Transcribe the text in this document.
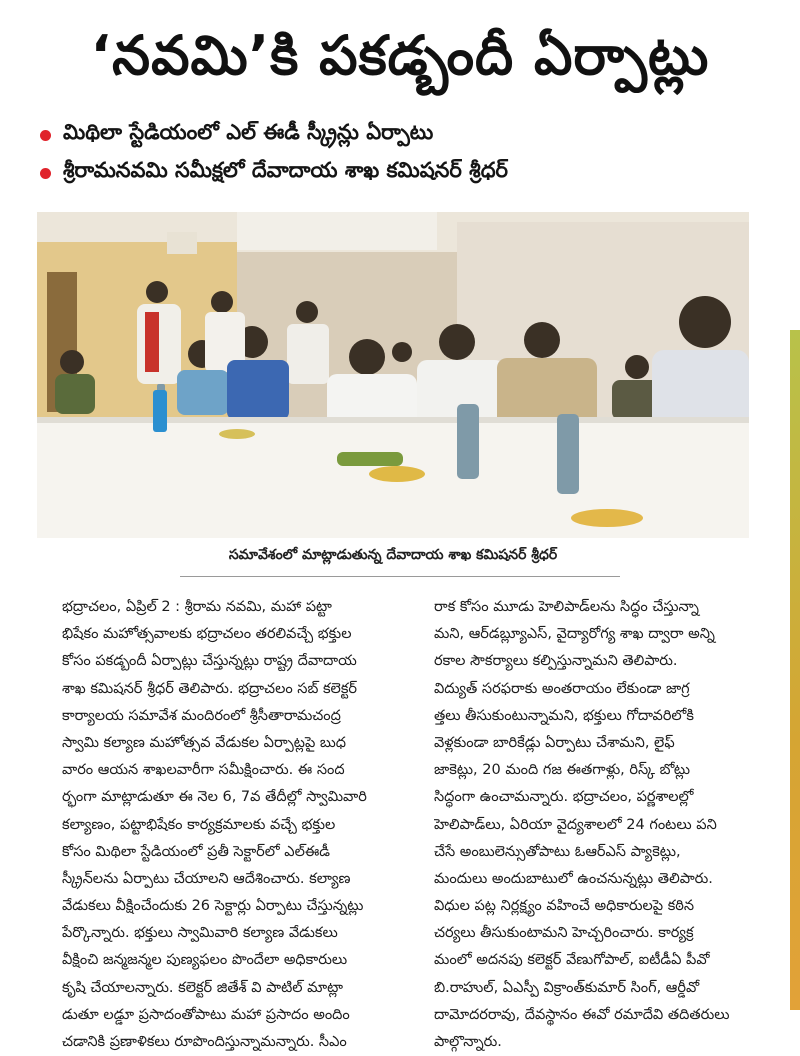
‘నవమి’కి పకడ్బందీ ఏర్పాట్లు
మిథిలా స్టేడియంలో ఎల్ ఈడీ స్క్రీన్లు ఏర్పాటు
శ్రీరామనవమి సమీక్షలో దేవాదాయ శాఖ కమిషనర్ శ్రీధర్
సమావేశంలో మాట్లాడుతున్న దేవాదాయ శాఖ కమిషనర్ శ్రీధర్
భద్రాచలం, ఏప్రిల్ 2 : శ్రీరామ నవమి, మహా పట్టా
భిషేకం మహోత్సవాలకు భద్రాచలం తరలివచ్చే భక్తుల
కోసం పకడ్బందీ ఏర్పాట్లు చేస్తున్నట్లు రాష్ట్ర దేవాదాయ
శాఖ కమిషనర్ శ్రీధర్ తెలిపారు. భద్రాచలం సబ్ కలెక్టర్
కార్యాలయ సమావేశ మందిరంలో శ్రీసీతారామచంద్ర
స్వామి కల్యాణ మహోత్సవ వేడుకల ఏర్పాట్లపై బుధ
వారం ఆయన శాఖలవారీగా సమీక్షించారు. ఈ సంద
ర్భంగా మాట్లాడుతూ ఈ నెల 6, 7వ తేదీల్లో స్వామివారి
కల్యాణం, పట్టాభిషేకం కార్యక్రమాలకు వచ్చే భక్తుల
కోసం మిథిలా స్టేడియంలో ప్రతీ సెక్టార్‌లో ఎల్ఈడీ
స్క్రీన్‌లను ఏర్పాటు చేయాలని ఆదేశించారు. కల్యాణ
వేడుకలు వీక్షించేందుకు 26 సెక్టార్లు ఏర్పాటు చేస్తున్నట్లు
పేర్కొన్నారు. భక్తులు స్వామివారి కల్యాణ వేడుకలు
వీక్షించి జన్మజన్మల పుణ్యఫలం పొందేలా అధికారులు
కృషి చేయాలన్నారు. కలెక్టర్ జితేశ్ వి పాటిల్ మాట్లా
డుతూ లడ్డూ ప్రసాదంతోపాటు మహా ప్రసాదం అందిం
చడానికి ప్రణాళికలు రూపొందిస్తున్నామన్నారు. సీఎం
రాక కోసం మూడు హెలిపాడ్‌లను సిద్ధం చేస్తున్నా
మని, ఆర్‌డబ్ల్యూఎస్, వైద్యారోగ్య శాఖ ద్వారా అన్ని
రకాల సౌకర్యాలు కల్పిస్తున్నామని తెలిపారు.
విద్యుత్ సరఫరాకు అంతరాయం లేకుండా జాగ్ర
త్తలు తీసుకుంటున్నామని, భక్తులు గోదావరిలోకి
వెళ్లకుండా బారికేడ్లు ఏర్పాటు చేశామని, లైఫ్
జాకెట్లు, 20 మంది గజ ఈతగాళ్లు, రిస్క్ బోట్లు
సిద్ధంగా ఉంచామన్నారు. భద్రాచలం, పర్ణశాలల్లో
హెలిపాడ్‌లు, ఏరియా వైద్యశాలలో 24 గంటలు పని
చేసే అంబులెన్సుతోపాటు ఓఆర్ఎస్ ప్యాకెట్లు,
మందులు అందుబాటులో ఉంచనున్నట్లు తెలిపారు.
విధుల పట్ల నిర్లక్ష్యం వహించే అధికారులపై కఠిన
చర్యలు తీసుకుంటామని హెచ్చరించారు. కార్యక్ర
మంలో అదనపు కలెక్టర్ వేణుగోపాల్, ఐటీడీఏ పీవో
బి.రాహుల్, ఏఎస్పీ విక్రాంత్‌కుమార్ సింగ్, ఆర్డీవో
దామోదరరావు, దేవస్థానం ఈవో రమాదేవి తదితరులు
పాల్గొన్నారు.
